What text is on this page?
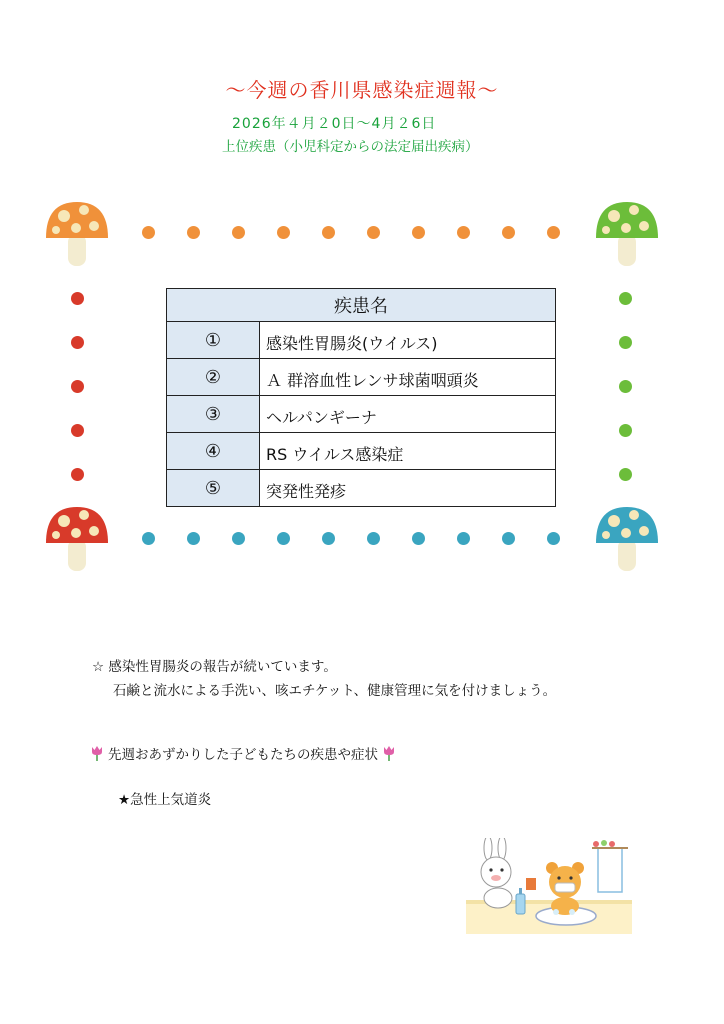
～今週の香川県感染症週報～
2026年４月２0日～4月２6日
上位疾患（小児科定からの法定届出疾病）
疾患名	
①	感染性胃腸炎(ウイルス)
②	Ａ 群溶血性レンサ球菌咽頭炎
③	ヘルパンギーナ
④	RS ウイルス感染症
⑤	突発性発疹
☆ 感染性胃腸炎の報告が続いています。
石鹸と流水による手洗い、咳エチケット、健康管理に気を付けましょう。
先週おあずかりした子どもたちの疾患や症状
★急性上気道炎
